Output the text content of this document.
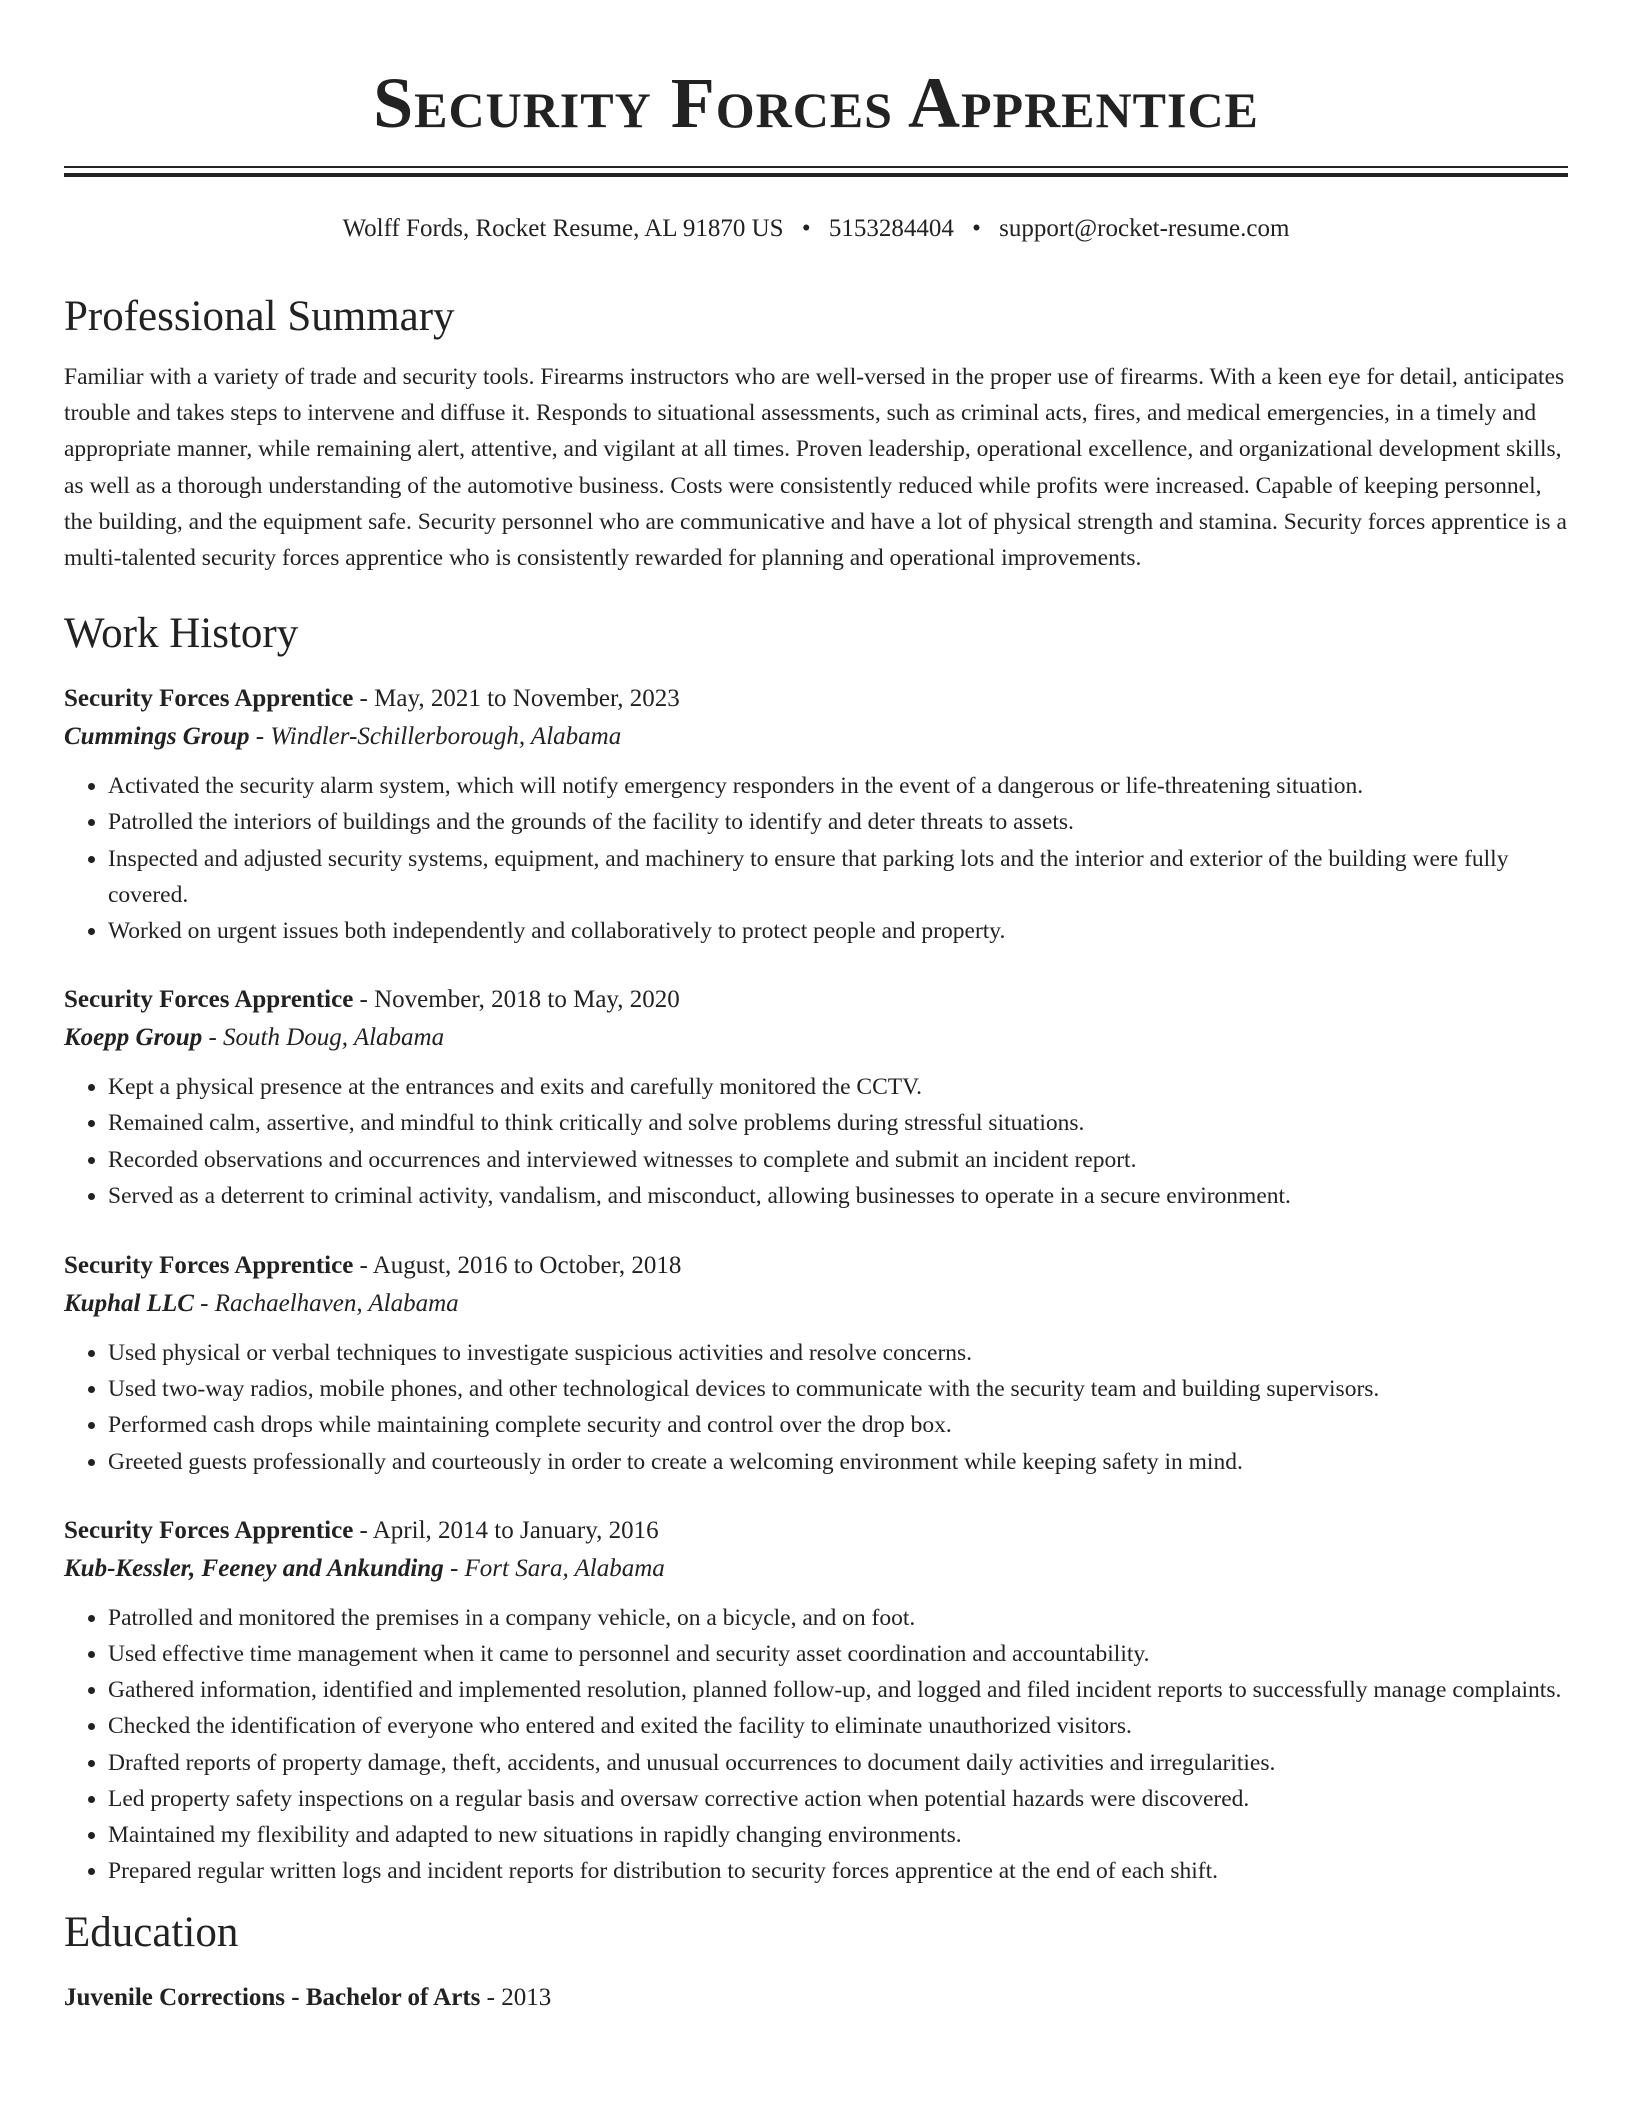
Security Forces Apprentice
Wolff Fords, Rocket Resume, AL 91870 US • 5153284404 • support@rocket-resume.com
Professional Summary

Familiar with a variety of trade and security tools. Firearms instructors who are well-versed in the proper use of firearms. With a keen eye for detail, anticipates trouble and takes steps to intervene and diffuse it. Responds to situational assessments, such as criminal acts, fires, and medical emergencies, in a timely and appropriate manner, while remaining alert, attentive, and vigilant at all times. Proven leadership, operational excellence, and organizational development skills, as well as a thorough understanding of the automotive business. Costs were consistently reduced while profits were increased. Capable of keeping personnel, the building, and the equipment safe. Security personnel who are communicative and have a lot of physical strength and stamina. Security forces apprentice is a multi-talented security forces apprentice who is consistently rewarded for planning and operational improvements.

Work History
Security Forces Apprentice - May, 2021 to November, 2023
Cummings Group - Windler-Schillerborough, Alabama
• Activated the security alarm system, which will notify emergency responders in the event of a dangerous or life-threatening situation.
• Patrolled the interiors of buildings and the grounds of the facility to identify and deter threats to assets.
• Inspected and adjusted security systems, equipment, and machinery to ensure that parking lots and the interior and exterior of the building were fully covered.
• Worked on urgent issues both independently and collaboratively to protect people and property.
Security Forces Apprentice - November, 2018 to May, 2020
Koepp Group - South Doug, Alabama
• Kept a physical presence at the entrances and exits and carefully monitored the CCTV.
• Remained calm, assertive, and mindful to think critically and solve problems during stressful situations.
• Recorded observations and occurrences and interviewed witnesses to complete and submit an incident report.
• Served as a deterrent to criminal activity, vandalism, and misconduct, allowing businesses to operate in a secure environment.
Security Forces Apprentice - August, 2016 to October, 2018
Kuphal LLC - Rachaelhaven, Alabama
• Used physical or verbal techniques to investigate suspicious activities and resolve concerns.
• Used two-way radios, mobile phones, and other technological devices to communicate with the security team and building supervisors.
• Performed cash drops while maintaining complete security and control over the drop box.
• Greeted guests professionally and courteously in order to create a welcoming environment while keeping safety in mind.
Security Forces Apprentice - April, 2014 to January, 2016
Kub-Kessler, Feeney and Ankunding - Fort Sara, Alabama
• Patrolled and monitored the premises in a company vehicle, on a bicycle, and on foot.
• Used effective time management when it came to personnel and security asset coordination and accountability.
• Gathered information, identified and implemented resolution, planned follow-up, and logged and filed incident reports to successfully manage complaints.
• Checked the identification of everyone who entered and exited the facility to eliminate unauthorized visitors.
• Drafted reports of property damage, theft, accidents, and unusual occurrences to document daily activities and irregularities.
• Led property safety inspections on a regular basis and oversaw corrective action when potential hazards were discovered.
• Maintained my flexibility and adapted to new situations in rapidly changing environments.
• Prepared regular written logs and incident reports for distribution to security forces apprentice at the end of each shift.
Education
Juvenile Corrections - Bachelor of Arts - 2013
